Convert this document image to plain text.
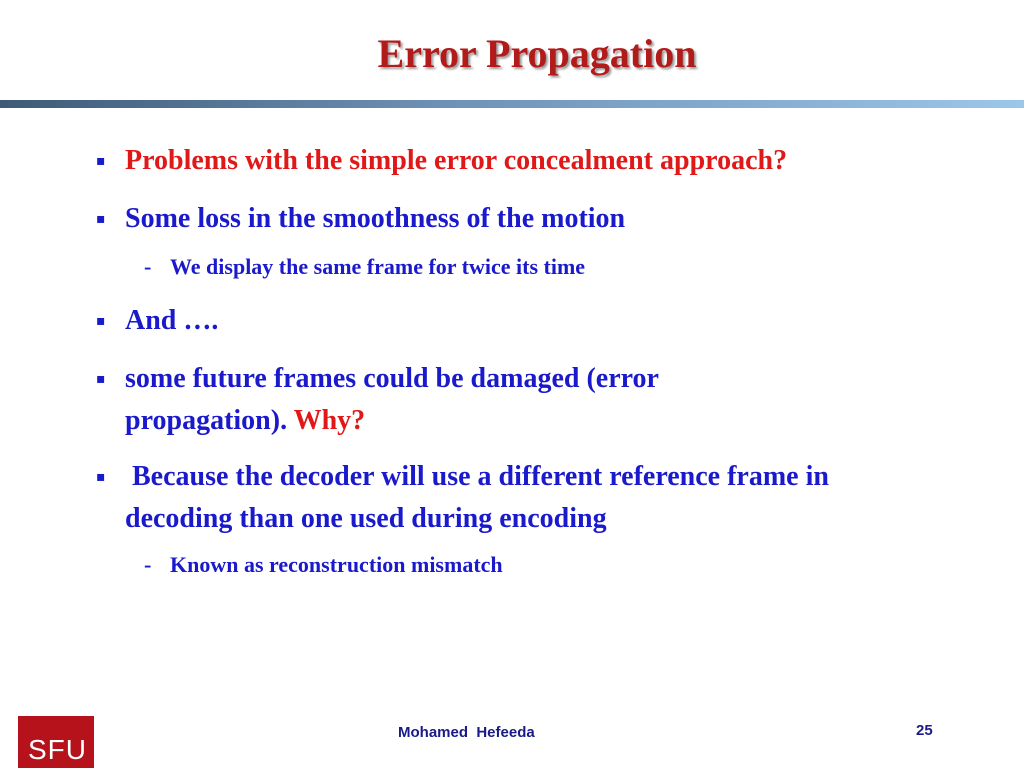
Error Propagation
▪ Problems with the simple error concealment approach?
▪ Some loss in the smoothness of the motion
- We display the same frame for twice its time
▪ And ….
▪ some future frames could be damaged (error propagation). Why?
▪ Because the decoder will use a different reference frame in decoding than one used during encoding
- Known as reconstruction mismatch
SFU
Mohamed  Hefeeda	25
